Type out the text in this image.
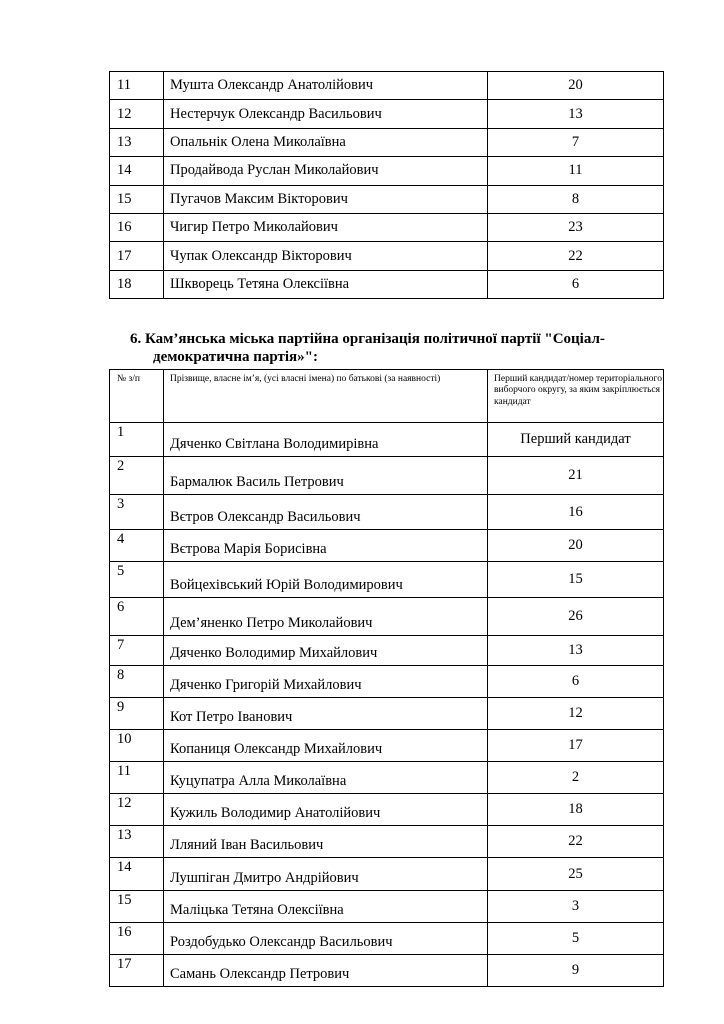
11	Мушта Олександр Анатолійович	20
12	Нестерчук Олександр Васильович	13
13	Опальнік Олена Миколаївна	7
14	Продайвода Руслан Миколайович	11
15	Пугачов Максим Вікторович	8
16	Чигир Петро Миколайович	23
17	Чупак Олександр Вікторович	22
18	Шкворець Тетяна Олексіївна	6
6. Кам’янська міська партійна організація політичної партії "Соціал-
демократична партія»":
№ з/п	Прізвище, власне ім’я, (усі власні імена) по батькові (за наявності)	Перший кандидат/номер територіального виборчого округу, за яким закріплюється кандидат
1	Дяченко Світлана Володимирівна	Перший кандидат
2	Бармалюк Василь Петрович	21
3	Вєтров Олександр Васильович	16
4	Вєтрова Марія Борисівна	20
5	Войцехівський Юрій Володимирович	15
6	Дем’яненко Петро Миколайович	26
7	Дяченко Володимир Михайлович	13
8	Дяченко Григорій Михайлович	6
9	Кот Петро Іванович	12
10	Копаниця Олександр Михайлович	17
11	Куцупатра Алла Миколаївна	2
12	Кужиль Володимир Анатолійович	18
13	Лляний Іван Васильович	22
14	Лушпіган Дмитро Андрійович	25
15	Маліцька Тетяна Олексіївна	3
16	Роздобудько Олександр Васильович	5
17	Самань Олександр Петрович	9
